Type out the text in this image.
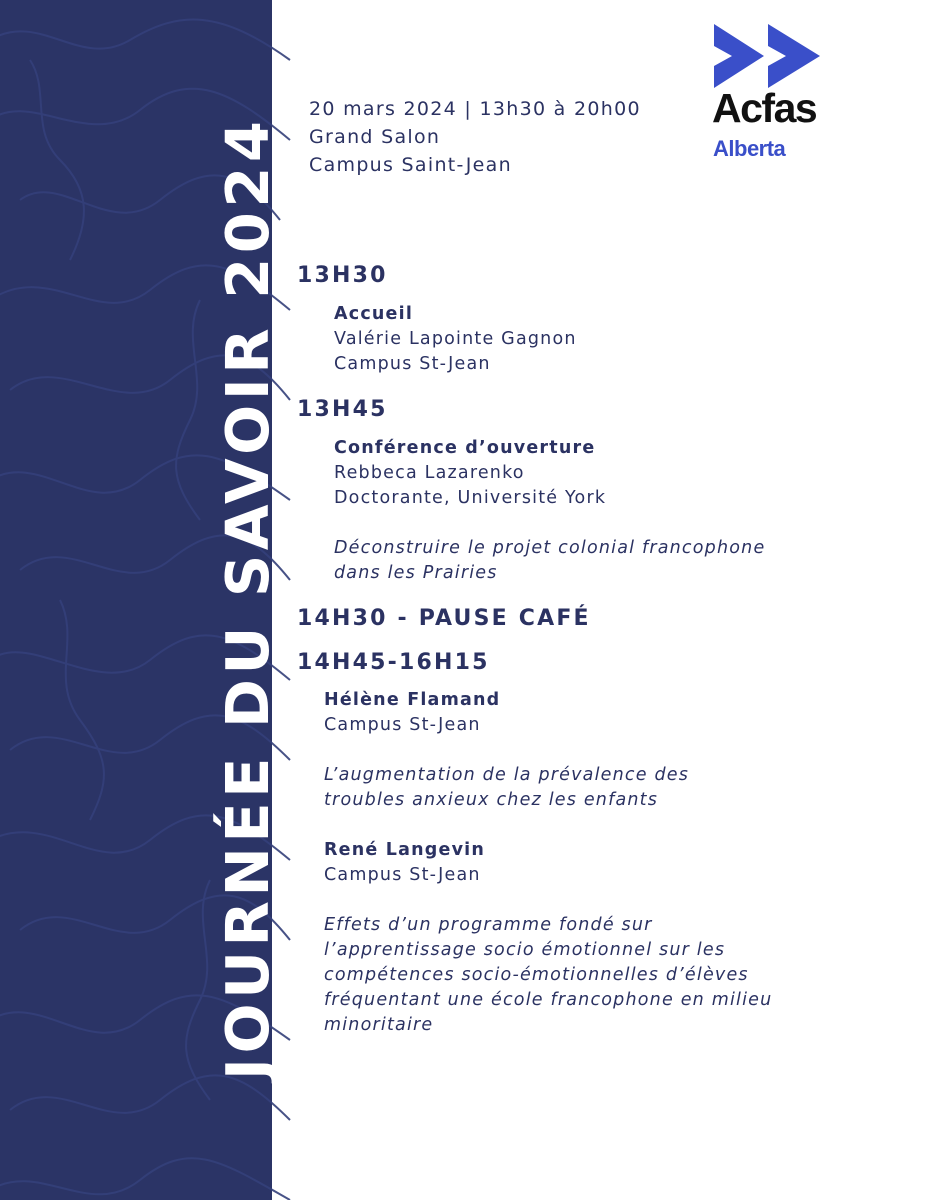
JOURNÉE DU SAVOIR 2024
20 mars 2024 | 13h30 à 20h00
Grand Salon
Campus Saint-Jean
Acfas
Alberta
13H30
Accueil
Valérie Lapointe Gagnon
Campus St-Jean
13H45
Conférence d’ouverture
Rebbeca Lazarenko
Doctorante, Université York
Déconstruire le projet colonial francophone
dans les Prairies
14H30 - PAUSE CAFÉ
14H45-16H15
Hélène Flamand
Campus St-Jean
L’augmentation de la prévalence des
troubles anxieux chez les enfants
René Langevin
Campus St-Jean
Effets d’un programme fondé sur
l’apprentissage socio émotionnel sur les
compétences socio-émotionnelles d’élèves
fréquentant une école francophone en milieu
minoritaire
